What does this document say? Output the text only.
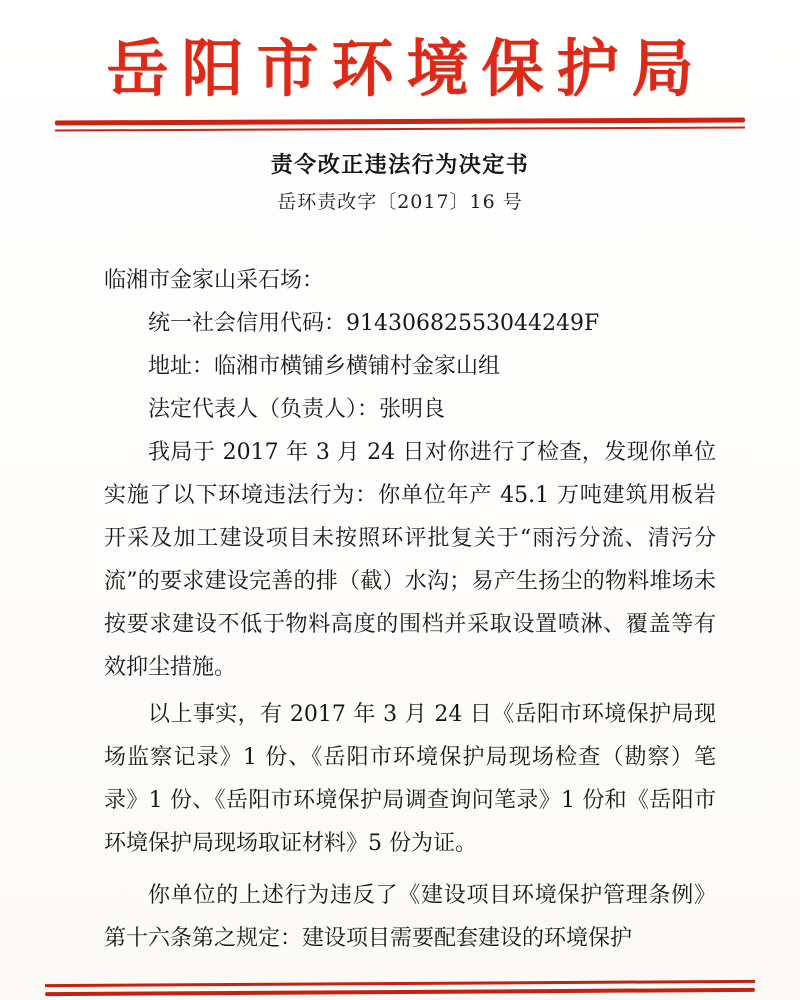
岳阳市环境保护局
责令改正违法行为决定书
岳环责改字〔2017〕16 号

临湘市金家山采石场：

统一社会信用代码：91430682553044249F

地址：临湘市横铺乡横铺村金家山组

法定代表人（负责人）：张明良

我局于 2017 年 3 月 24 日对你进行了检查，发现你单位实施了以下环境违法行为：你单位年产 45.1 万吨建筑用板岩开采及加工建设项目未按照环评批复关于“雨污分流、清污分流”的要求建设完善的排（截）水沟；易产生扬尘的物料堆场未按要求建设不低于物料高度的围档并采取设置喷淋、覆盖等有效抑尘措施。

以上事实，有 2017 年 3 月 24 日《岳阳市环境保护局现场监察记录》1 份、《岳阳市环境保护局现场检查（勘察）笔录》1 份、《岳阳市环境保护局调查询问笔录》1 份和《岳阳市环境保护局现场取证材料》5 份为证。

你单位的上述行为违反了《建设项目环境保护管理条例》第十六条第之规定：建设项目需要配套建设的环境保护
